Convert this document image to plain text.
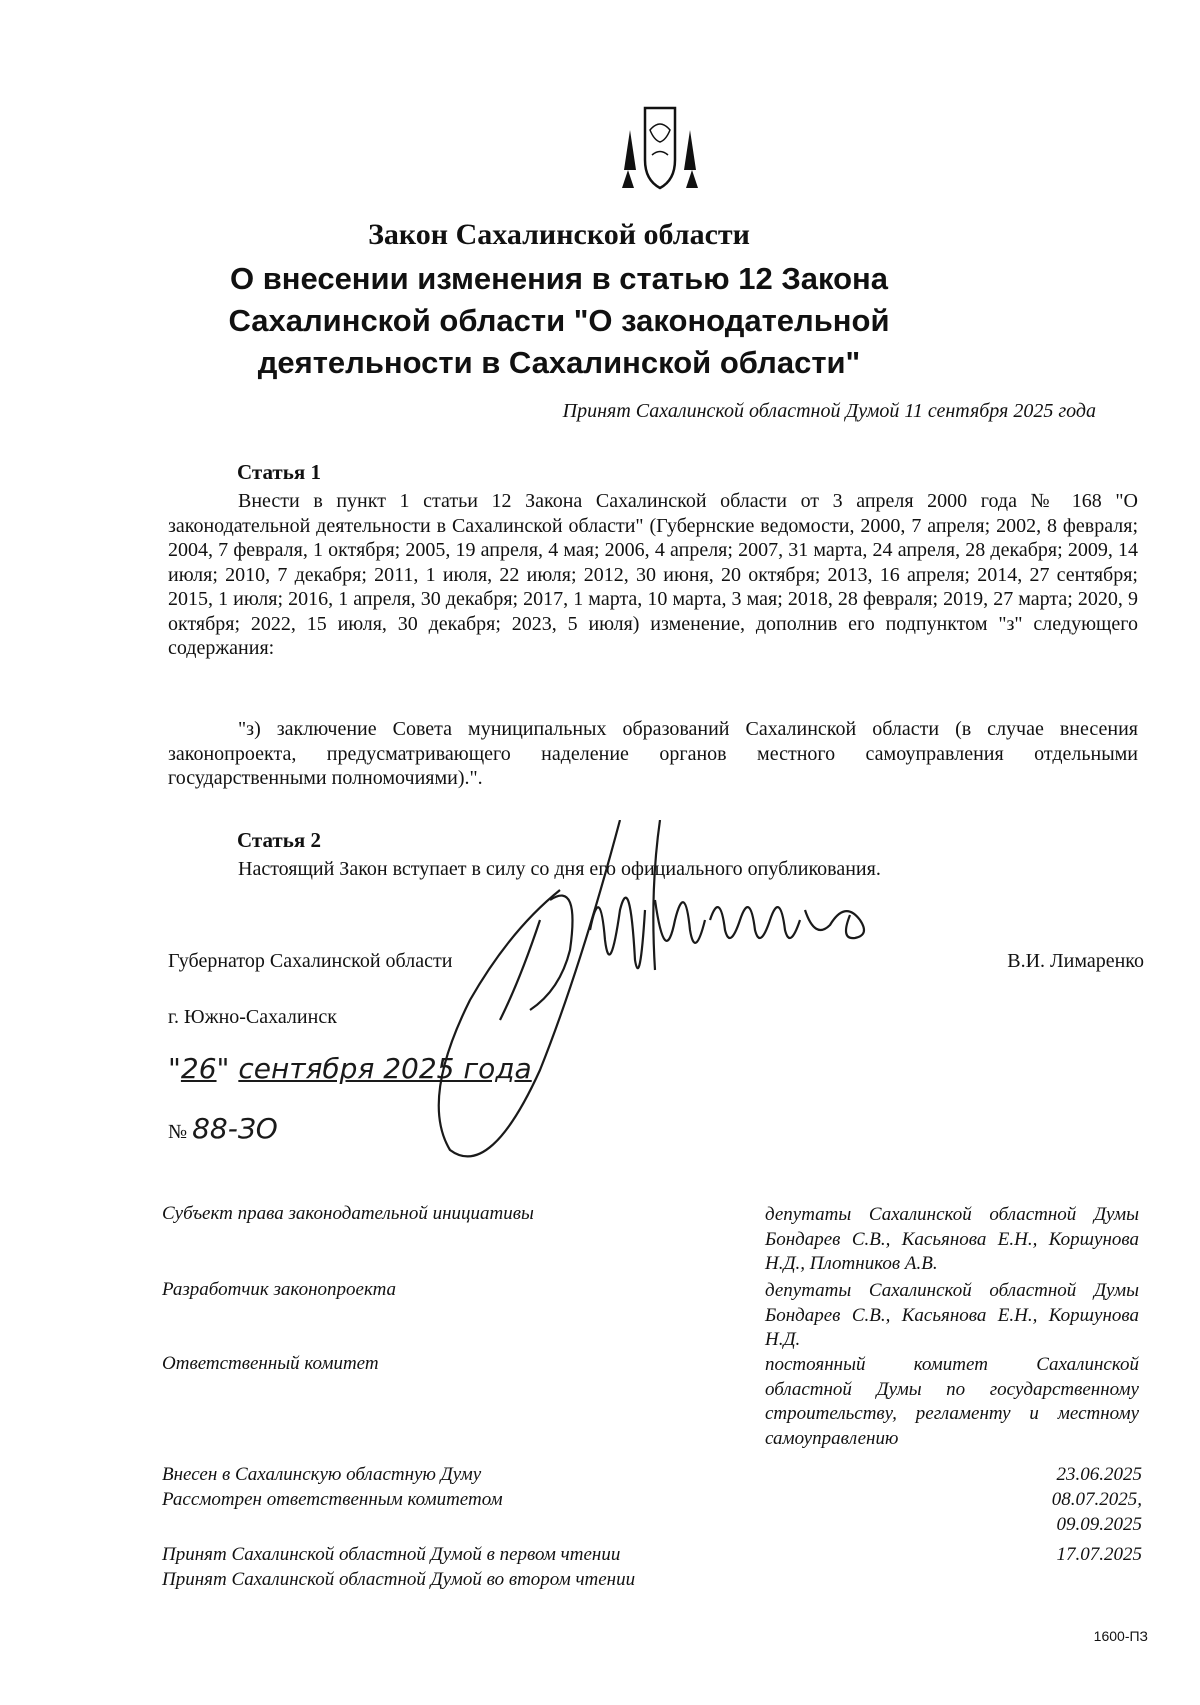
Закон Сахалинской области
О внесении изменения в статью 12 Закона
Сахалинской области "О законодательной
деятельности в Сахалинской области"
Принят Сахалинской областной Думой 11 сентября 2025 года
Статья 1
Внести в пункт 1 статьи 12 Закона Сахалинской области от 3 апреля 2000 года № 168 "О законодательной деятельности в Сахалинской области" (Губернские ведомости, 2000, 7 апреля; 2002, 8 февраля; 2004, 7 февраля, 1 октября; 2005, 19 апреля, 4 мая; 2006, 4 апреля; 2007, 31 марта, 24 апреля, 28 декабря; 2009, 14 июля; 2010, 7 декабря; 2011, 1 июля, 22 июля; 2012, 30 июня, 20 октября; 2013, 16 апреля; 2014, 27 сентября; 2015, 1 июля; 2016, 1 апреля, 30 декабря; 2017, 1 марта, 10 марта, 3 мая; 2018, 28 февраля; 2019, 27 марта; 2020, 9 октября; 2022, 15 июля, 30 декабря; 2023, 5 июля) изменение, дополнив его подпунктом "з" следующего содержания:
"з) заключение Совета муниципальных образований Сахалинской области (в случае внесения законопроекта, предусматривающего наделение органов местного самоуправления отдельными государственными полномочиями).".
Статья 2
Настоящий Закон вступает в силу со дня его официального опубликования.
Губернатор Сахалинской области	В.И. Лимаренко
г. Южно-Сахалинск
"26" сентября 2025 года
№ 88-ЗО
Субъект права законодательной инициативы	депутаты Сахалинской областной Думы Бондарев С.В., Касьянова Е.Н., Коршунова Н.Д., Плотников А.В.
Разработчик законопроекта	депутаты Сахалинской областной Думы Бондарев С.В., Касьянова Е.Н., Коршунова Н.Д.
Ответственный комитет	постоянный комитет Сахалинской областной Думы по государственному строительству, регламенту и местному самоуправлению
Внесен в Сахалинскую областную Думу	23.06.2025
Рассмотрен ответственным комитетом	08.07.2025,
09.09.2025
Принят Сахалинской областной Думой в первом чтении	17.07.2025
Принят Сахалинской областной Думой во втором чтении
1600-ПЗ
